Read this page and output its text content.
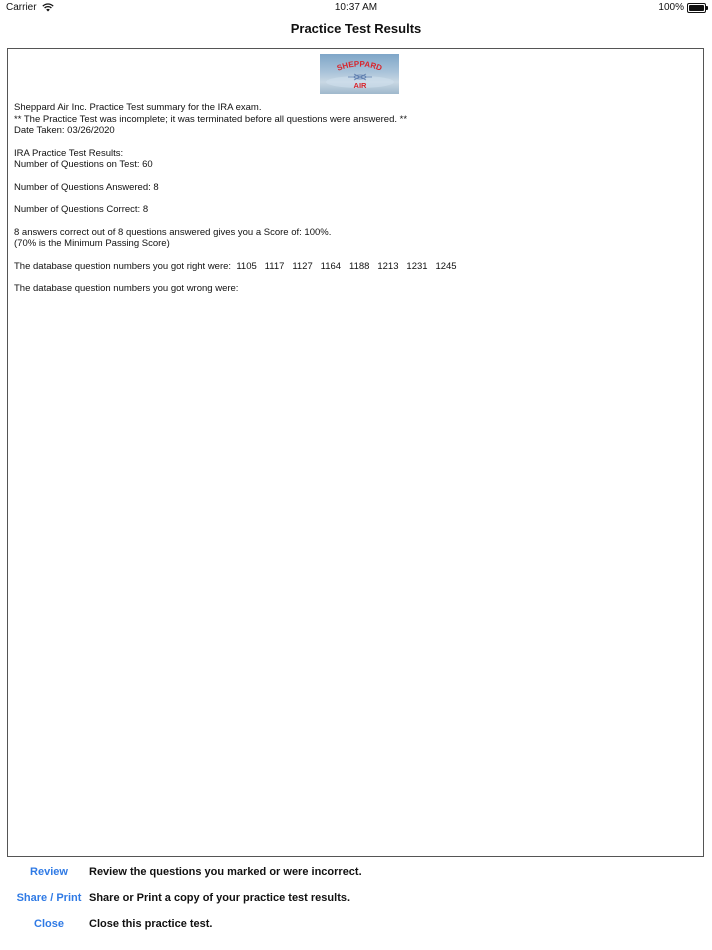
Carrier	10:37 AM	100%
Practice Test Results
SHEPPARD
AIR

Sheppard Air Inc. Practice Test summary for the IRA exam.

** The Practice Test was incomplete; it was terminated before all questions were answered. **

Date Taken: 03/26/2020

IRA Practice Test Results:

Number of Questions on Test: 60

Number of Questions Answered: 8

Number of Questions Correct: 8

8 answers correct out of 8 questions answered gives you a Score of: 100%.

(70% is the Minimum Passing Score)

The database question numbers you got right were:  1105   1117   1127   1164   1188   1213   1231   1245

The database question numbers you got wrong were:

Review	Review the questions you marked or were incorrect.
Share / Print Share or Print a copy of your practice test results.
Close	Close this practice test.
